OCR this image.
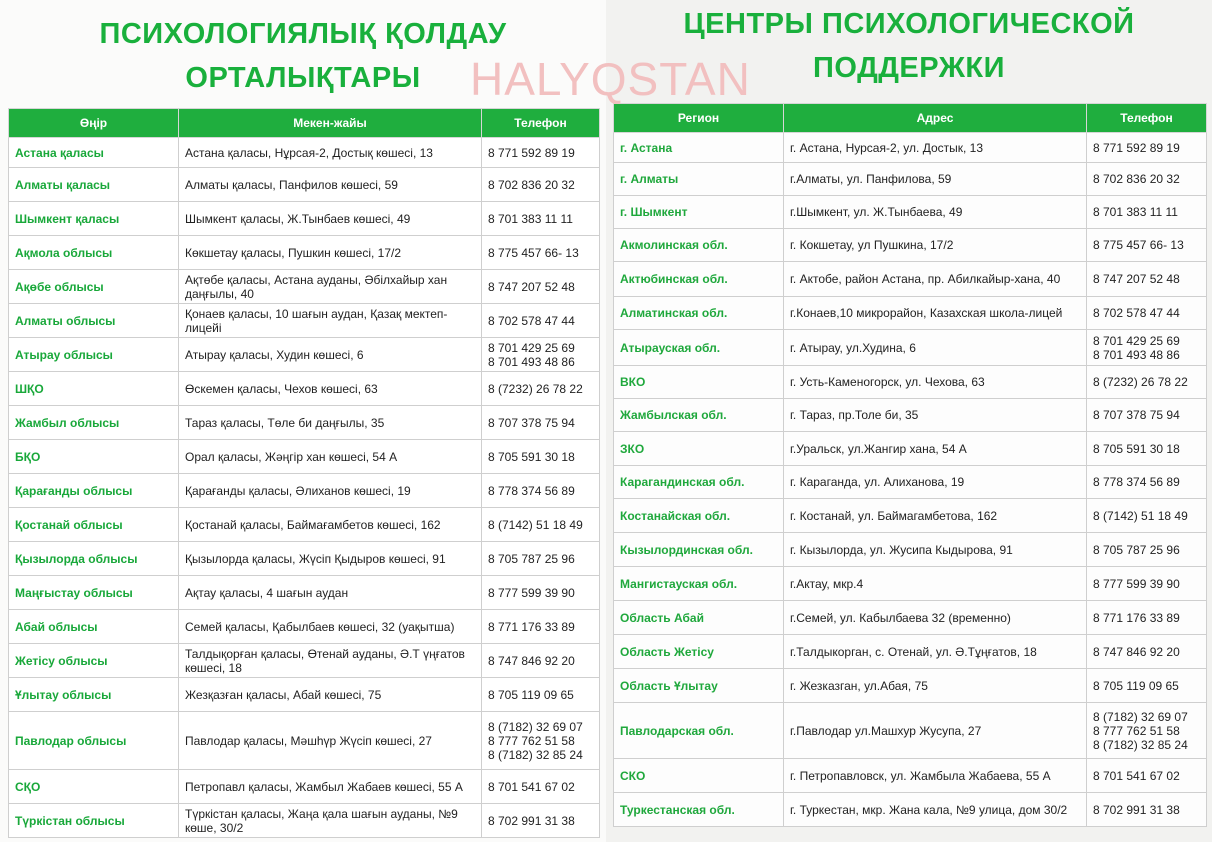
ПСИХОЛОГИЯЛЫҚ ҚОЛДАУ
ОРТАЛЫҚТАРЫ
Өңір	Мекен-жайы	Телефон
Астана қаласы	Астана қаласы, Нұрсая-2, Достық көшесі, 13	8 771 592 89 19

Алматы қаласы	Алматы қаласы, Панфилов көшесі, 59	8 702 836 20 32

Шымкент қаласы	Шымкент қаласы, Ж.Тынбаев көшесі, 49	8 701 383 11 11

Ақмола облысы	Көкшетау қаласы, Пушкин көшесі, 17/2	8 775 457 66- 13

Ақөбе облысы	Ақтөбе қаласы, Астана ауданы, Әбілхайыр хан даңғылы, 40	8 747 207 52 48

Алматы облысы	Қонаев қаласы, 10 шағын аудан, Қазақ мектеп-лицейі	8 702 578 47 44

Атырау облысы	Атырау қаласы, Худин көшесі, 6	8 701 429 25 69
8 701 493 48 86

ШҚО	Өскемен қаласы, Чехов көшесі, 63	8 (7232) 26 78 22

Жамбыл облысы	Тараз қаласы, Төле би даңғылы, 35	8 707 378 75 94

БҚО	Орал қаласы, Жәңгір хан көшесі, 54 А	8 705 591 30 18

Қарағанды облысы	Қарағанды қаласы, Әлиханов көшесі, 19	8 778 374 56 89

Қостанай облысы	Қостанай қаласы, Баймағамбетов көшесі, 162	8 (7142) 51 18 49

Қызылорда облысы	Қызылорда қаласы, Жүсіп Қыдыров көшесі, 91	8 705 787 25 96

Маңғыстау облысы	Ақтау қаласы, 4 шағын аудан	8 777 599 39 90

Абай облысы	Семей қаласы, Қабылбаев көшесі, 32 (уақытша)	8 771 176 33 89

Жетісу облысы	Талдықорған қаласы, Өтенай ауданы, Ә.Т үңғатов көшесі, 18	8 747 846 92 20

Ұлытау облысы	Жезқазған қаласы, Абай көшесі, 75	8 705 119 09 65

Павлодар облысы	Павлодар қаласы, Мәшһүр Жүсіп көшесі, 27	8 (7182) 32 69 07
8 777 762 51 58
8 (7182) 32 85 24

СҚО	Петропавл қаласы, Жамбыл Жабаев көшесі, 55 А	8 701 541 67 02

Түркістан облысы	Түркістан қаласы, Жаңа қала шағын ауданы, №9 көше, 30/2	8 702 991 31 38
ЦЕНТРЫ ПСИХОЛОГИЧЕСКОЙ
ПОДДЕРЖКИ
Регион	Адрес	Телефон
г. Астана	г. Астана, Нурсая-2, ул. Достык, 13	8 771 592 89 19

г. Алматы	г.Алматы, ул. Панфилова, 59	8 702 836 20 32

г. Шымкент	г.Шымкент, ул. Ж.Тынбаева, 49	8 701 383 11 11

Акмолинская обл.	г. Кокшетау, ул Пушкина, 17/2	8 775 457 66- 13

Актюбинская обл.	г. Актобе, район Астана, пр. Абилкайыр-хана, 40	8 747 207 52 48

Алматинская обл.	г.Конаев,10 микрорайон, Казахская школа-лицей	8 702 578 47 44

Атырауская обл.	г. Атырау, ул.Худина, 6	8 701 429 25 69
8 701 493 48 86

ВКО	г. Усть-Каменогорск, ул. Чехова, 63	8 (7232) 26 78 22

Жамбылская обл.	г. Тараз, пр.Толе би, 35	8 707 378 75 94

ЗКО	г.Уральск, ул.Жангир хана, 54 А	8 705 591 30 18

Карагандинская обл.	г. Караганда, ул. Алиханова, 19	8 778 374 56 89

Костанайская обл.	г. Костанай, ул. Баймагамбетова, 162	8 (7142) 51 18 49

Кызылординская обл.	г. Кызылорда, ул. Жусипа Кыдырова, 91	8 705 787 25 96

Мангистауская обл.	г.Актау, мкр.4	8 777 599 39 90

Область Абай	г.Семей, ул. Кабылбаева 32 (временно)	8 771 176 33 89

Область Жетісу	г.Талдыкорган, с. Отенай, ул. Ә.Тұңғатов, 18	8 747 846 92 20

Область Ұлытау	г. Жезказган, ул.Абая, 75	8 705 119 09 65

Павлодарская обл.	г.Павлодар ул.Машхур Жусупа, 27	8 (7182) 32 69 07
8 777 762 51 58
8 (7182) 32 85 24

СКО	г. Петропавловск, ул. Жамбыла Жабаева, 55 А	8 701 541 67 02

Туркестанская обл.	г. Туркестан, мкр. Жана кала, №9 улица, дом 30/2	8 702 991 31 38
HALYQSTAN
